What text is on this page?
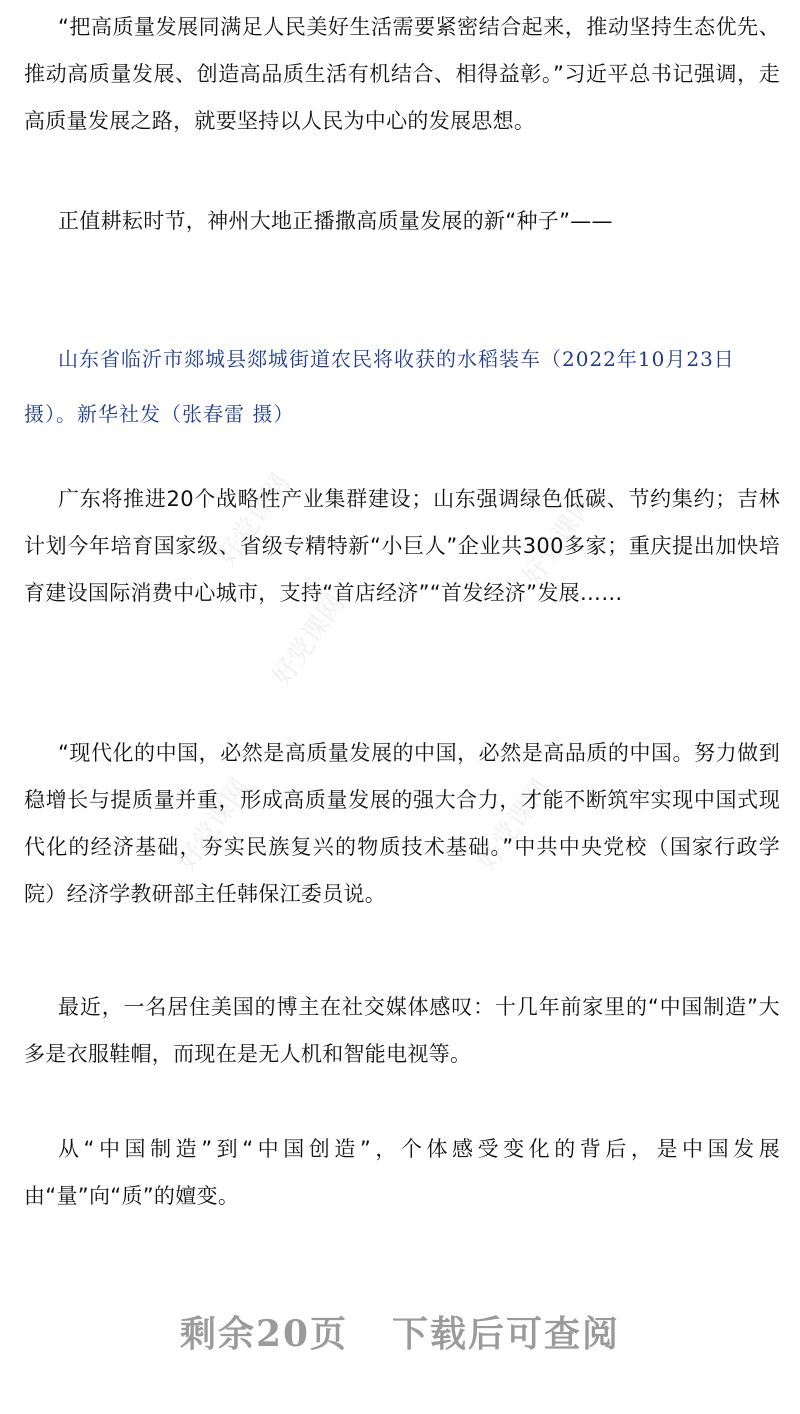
好党课网
好党课网
好党课网	好党课网
好党课网

“把高质量发展同满足人民美好生活需要紧密结合起来，推动坚持生态优先、推动高质量发展、创造高品质生活有机结合、相得益彰。”习近平总书记强调，走高质量发展之路，就要坚持以人民为中心的发展思想。

正值耕耘时节，神州大地正播撒高质量发展的新“种子”——

山东省临沂市郯城县郯城街道农民将收获的水稻装车（2022年10月23日摄）。新华社发（张春雷 摄）

广东将推进20个战略性产业集群建设；山东强调绿色低碳、节约集约；吉林计划今年培育国家级、省级专精特新“小巨人”企业共300多家；重庆提出加快培育建设国际消费中心城市，支持“首店经济”“首发经济”发展……

“现代化的中国，必然是高质量发展的中国，必然是高品质的中国。努力做到稳增长与提质量并重，形成高质量发展的强大合力，才能不断筑牢实现中国式现代化的经济基础，夯实民族复兴的物质技术基础。”中共中央党校（国家行政学院）经济学教研部主任韩保江委员说。

最近，一名居住美国的博主在社交媒体感叹：十几年前家里的“中国制造”大多是衣服鞋帽，而现在是无人机和智能电视等。

从“中国制造”到“中国创造”，个体感受变化的背后，是中国发展由“量”向“质”的嬗变。

剩余20页 下载后可查阅
